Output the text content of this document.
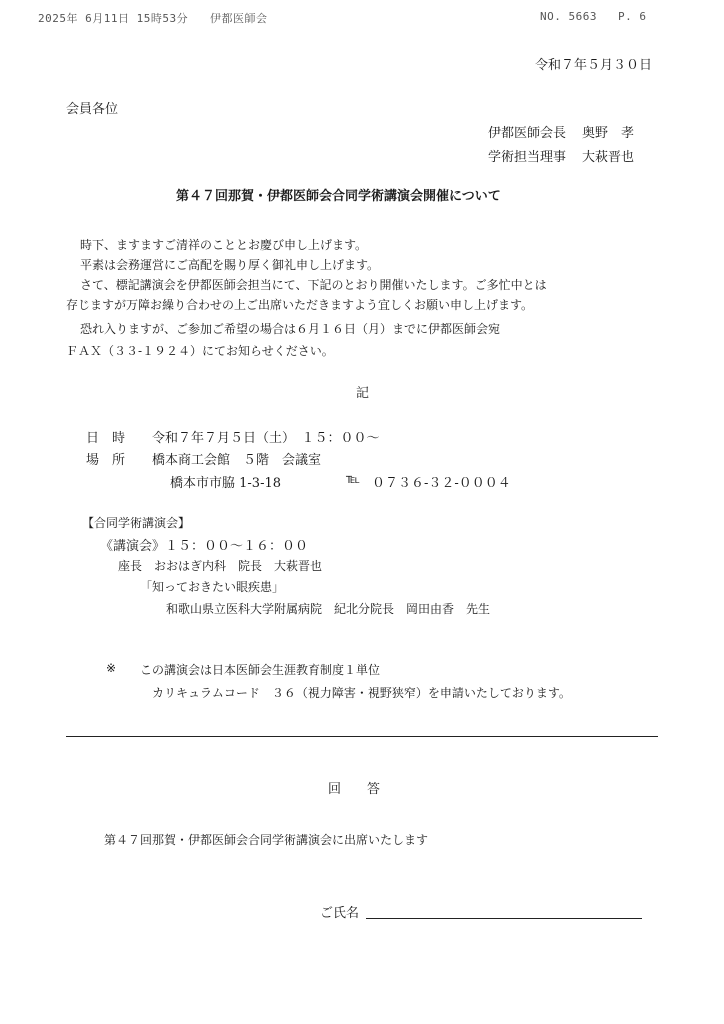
2025年 6月11日 15時53分 伊都医師会	NO. 5663 P. 6
令和７年５月３０日
会員各位
伊都医師会長 奥野　孝
学術担当理事 大萩晋也
第４７回那賀・伊都医師会合同学術講演会開催について
時下、ますますご清祥のこととお慶び申し上げます。
平素は会務運営にご高配を賜り厚く御礼申し上げます。
さて、標記講演会を伊都医師会担当にて、下記のとおり開催いたします。ご多忙中とは
存じますが万障お繰り合わせの上ご出席いただきますよう宜しくお願い申し上げます。
恐れ入りますが、ご参加ご希望の場合は６月１６日（月）までに伊都医師会宛
ＦＡＸ（３３-１９２４）にてお知らせください。
記
日　時 令和７年７月５日（土）　１５：００～
場　所 橋本商工会館　５階　会議室
橋本市市脇 1-3-18	℡ ０７３６-３２-０００４
【合同学術講演会】
《講演会》１５：００～１６：００
座長　おおはぎ内科　院長　大萩晋也
「知っておきたい眼疾患」
和歌山県立医科大学附属病院　紀北分院長　岡田由香　先生
※ この講演会は日本医師会生涯教育制度１単位
カリキュラムコード　３６（視力障害・視野狭窄）を申請いたしております。
回　　答
第４７回那賀・伊都医師会合同学術講演会に出席いたします
ご氏名
